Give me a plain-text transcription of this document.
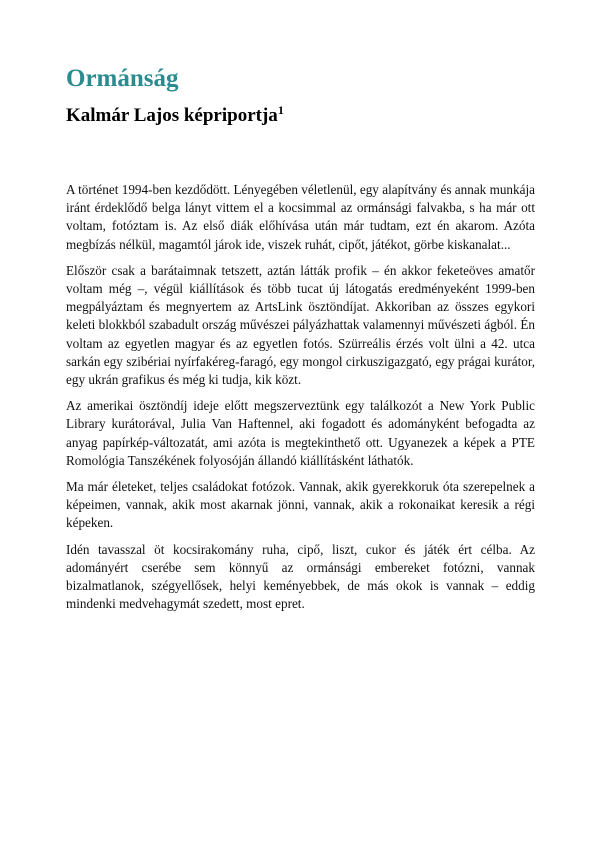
Ormánság
Kalmár Lajos képriportja$^1$

A történet 1994-ben kezdődött. Lényegében véletlenül, egy alapítvány és annak munkája iránt érdeklődő belga lányt vittem el a kocsimmal az ormánsági falvakba, s ha már ott voltam, fotóztam is. Az első diák előhívása után már tudtam, ezt én akarom. Azóta megbízás nélkül, magamtól járok ide, viszek ruhát, cipőt, játékot, görbe kiskanalat...

Először csak a barátaimnak tetszett, aztán látták profik – én akkor feketeöves amatőr voltam még –, végül kiállítások és több tucat új látogatás eredményeként 1999-ben megpályáztam és megnyertem az ArtsLink ösztöndíjat. Akkoriban az összes egykori keleti blokkból szabadult ország művészei pályázhattak valamennyi művészeti ágból. Én voltam az egyetlen magyar és az egyetlen fotós. Szürreális érzés volt ülni a 42. utca sarkán egy szibériai nyírfakéreg-faragó, egy mongol cirkuszigazgató, egy prágai kurátor, egy ukrán grafikus és még ki tudja, kik közt.

Az amerikai ösztöndíj ideje előtt megszerveztünk egy találkozót a New York Public Library kurátorával, Julia Van Haftennel, aki fogadott és adományként befogadta az anyag papírkép-változatát, ami azóta is megtekinthető ott. Ugyanezek a képek a PTE Romológia Tanszékének folyosóján állandó kiállításként láthatók.

Ma már életeket, teljes családokat fotózok. Vannak, akik gyerekkoruk óta szerepelnek a képeimen, vannak, akik most akarnak jönni, vannak, akik a rokonaikat keresik a régi képeken.

Idén tavasszal öt kocsirakomány ruha, cipő, liszt, cukor és játék ért célba. Az adományért cserébe sem könnyű az ormánsági embereket fotózni, vannak bizalmatlanok, szégyellősek, helyi keményebbek, de más okok is vannak – eddig mindenki medvehagymát szedett, most epret.
